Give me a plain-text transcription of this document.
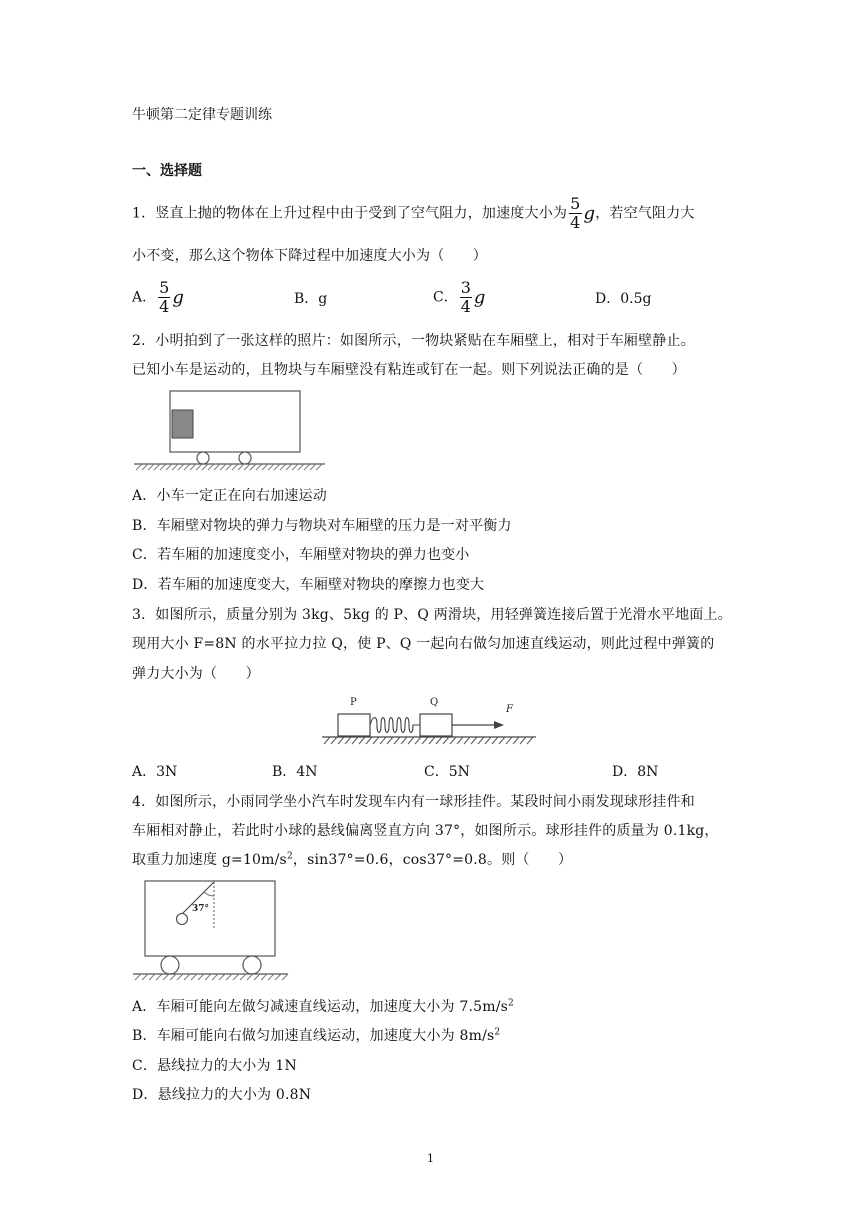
牛顿第二定律专题训练
一、选择题
1．竖直上抛的物体在上升过程中由于受到了空气阻力，加速度大小为 $\frac{5}{4}$ g，若空气阻力大
小不变，那么这个物体下降过程中加速度大小为（　　）
A． $\frac{5}{4}$ g	B．g	C． $\frac{3}{4}$ g	D．0.5g
2．小明拍到了一张这样的照片：如图所示，一物块紧贴在车厢壁上，相对于车厢壁静止。
已知小车是运动的，且物块与车厢壁没有粘连或钉在一起。则下列说法正确的是（　　）
A．小车一定正在向右加速运动
B．车厢壁对物块的弹力与物块对车厢壁的压力是一对平衡力
C．若车厢的加速度变小，车厢壁对物块的弹力也变小
D．若车厢的加速度变大，车厢壁对物块的摩擦力也变大
3．如图所示，质量分别为 3kg、5kg 的 P、Q 两滑块，用轻弹簧连接后置于光滑水平地面上。
现用大小 F=8N 的水平拉力拉 Q，使 P、Q 一起向右做匀加速直线运动，则此过程中弹簧的
弹力大小为（　　）
P	Q
F
A．3N	B．4N	C．5N	D．8N
4．如图所示，小雨同学坐小汽车时发现车内有一球形挂件。某段时间小雨发现球形挂件和
车厢相对静止，若此时小球的悬线偏离竖直方向 37°，如图所示。球形挂件的质量为 0.1kg，
取重力加速度 $g=10m/s^2$，sin37°=0.6，cos37°=0.8。则（　　）
37°
A．车厢可能向左做匀减速直线运动，加速度大小为 $7.5m/s^2$
B．车厢可能向右做匀加速直线运动，加速度大小为 $8m/s^2$
C．悬线拉力的大小为 1N
D．悬线拉力的大小为 0.8N
1
